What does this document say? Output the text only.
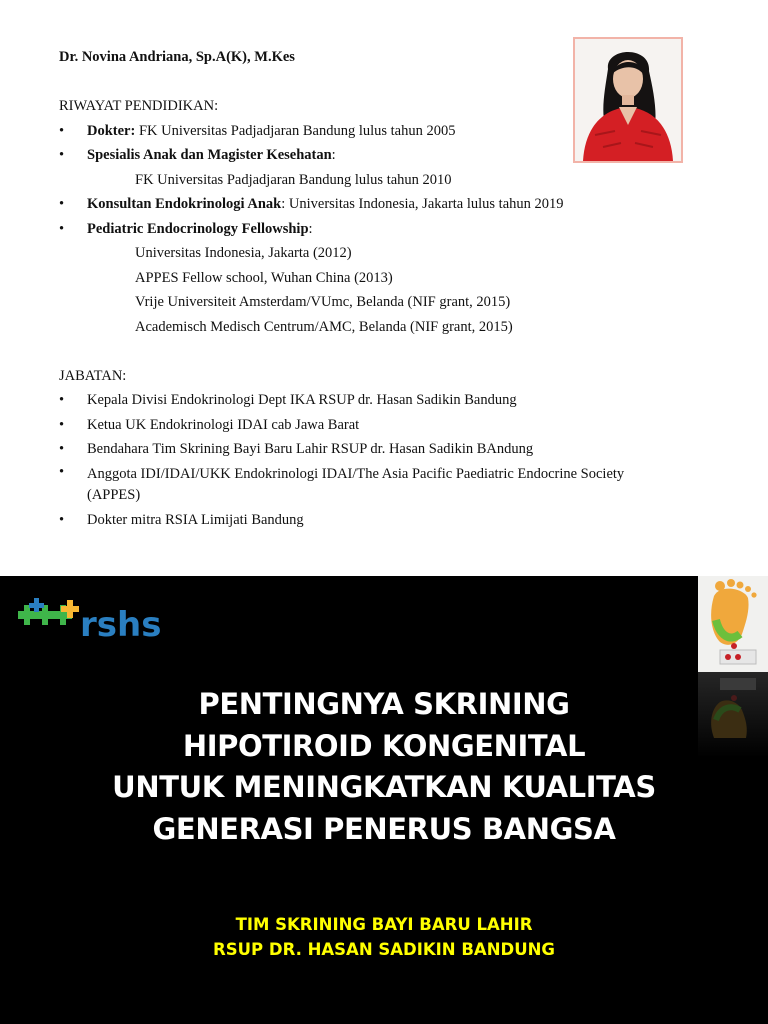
Dr. Novina Andriana, Sp.A(K), M.Kes
RIWAYAT PENDIDIKAN:
• Dokter: FK Universitas Padjadjaran Bandung lulus tahun 2005
• Spesialis Anak dan Magister Kesehatan:
FK Universitas Padjadjaran Bandung lulus tahun 2010
• Konsultan Endokrinologi Anak: Universitas Indonesia, Jakarta lulus tahun 2019
• Pediatric Endocrinology Fellowship:
Universitas Indonesia, Jakarta (2012)
APPES Fellow school, Wuhan China (2013)
Vrije Universiteit Amsterdam/VUmc, Belanda (NIF grant, 2015)
Academisch Medisch Centrum/AMC, Belanda (NIF grant, 2015)
JABATAN:
• Kepala Divisi Endokrinologi Dept IKA RSUP dr. Hasan Sadikin Bandung
• Ketua UK Endokrinologi IDAI cab Jawa Barat
• Bendahara Tim Skrining Bayi Baru Lahir RSUP dr. Hasan Sadikin BAndung
• Anggota IDI/IDAI/UKK Endokrinologi IDAI/The Asia Pacific Paediatric Endocrine Society (APPES)
• Dokter mitra RSIA Limijati Bandung
rshs
PENTINGNYA SKRINING
HIPOTIROID KONGENITAL
UNTUK MENINGKATKAN KUALITAS
GENERASI PENERUS BANGSA
TIM SKRINING BAYI BARU LAHIR
RSUP DR. HASAN SADIKIN BANDUNG
